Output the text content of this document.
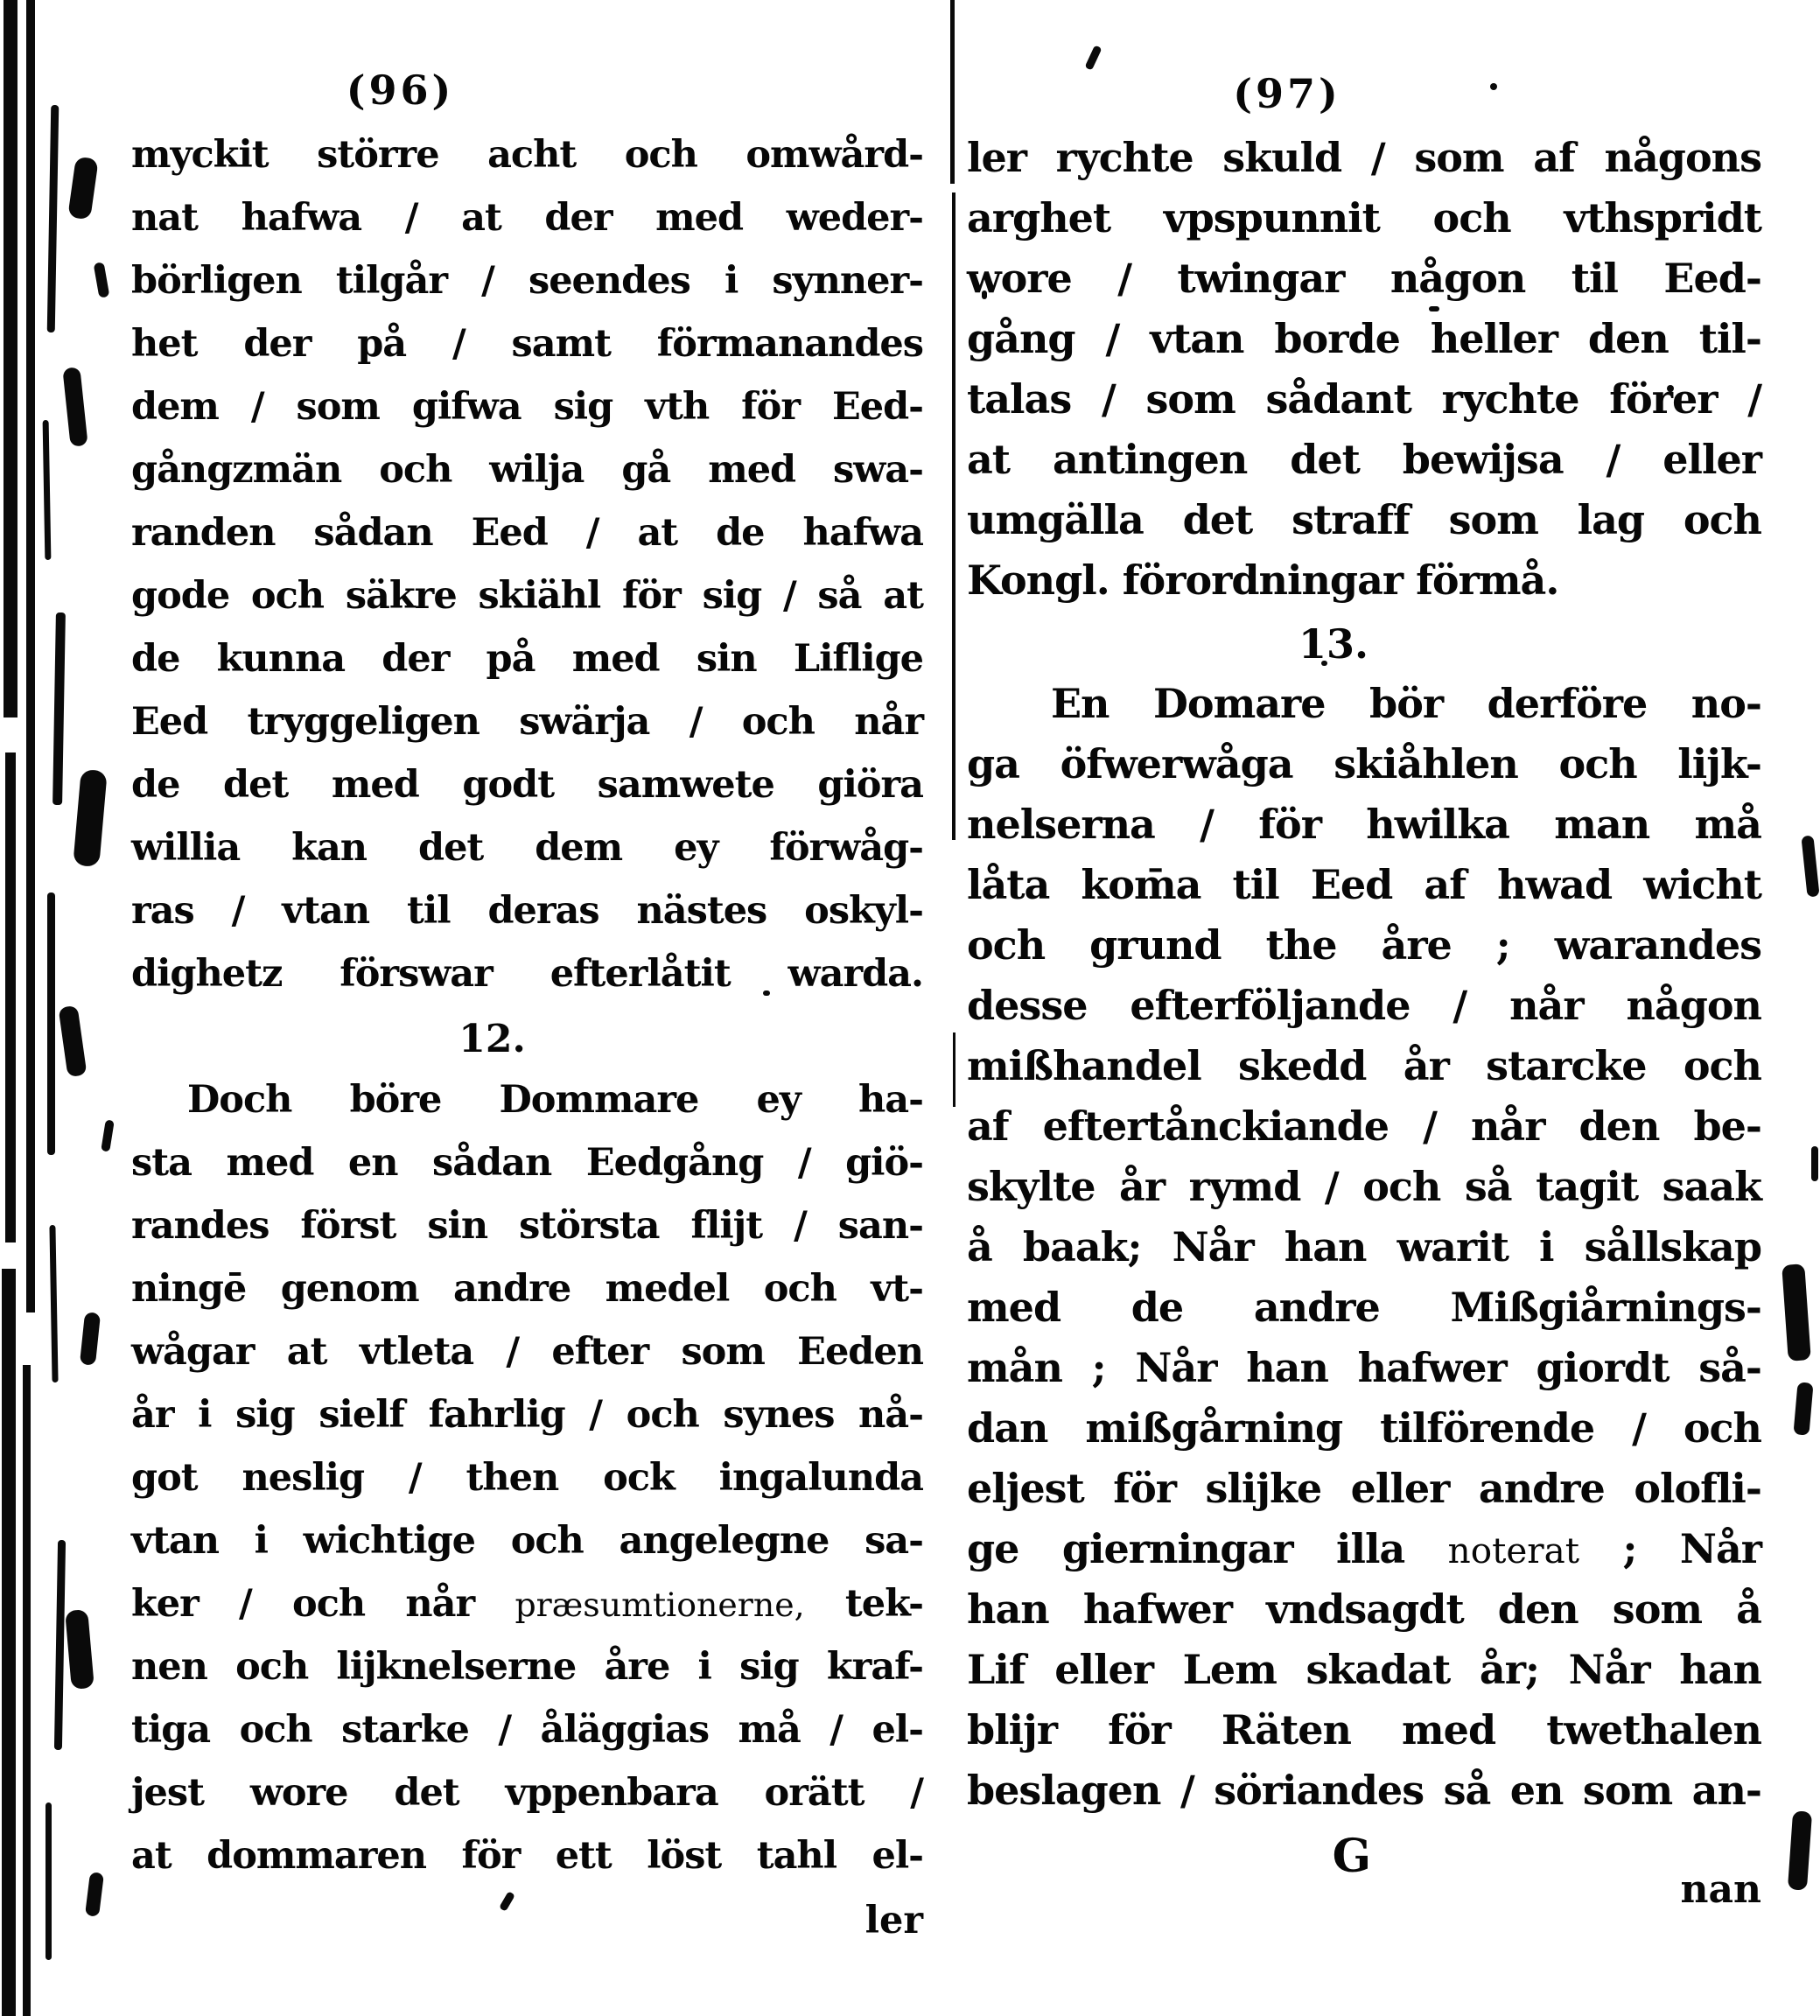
(96)
myckit större acht och omwård-
nat hafwa / at der med weder-
börligen tilgår / seendes i synner-
het der på / samt förmanandes
dem / som gifwa sig vth för Eed-
gångzmän och wilja gå med swa-
randen sådan Eed / at de hafwa
gode och säkre skiähl för sig / så at
de kunna der på med sin Liflige
Eed tryggeligen swärja / och når
de det med godt samwete giöra
willia kan det dem ey förwåg-
ras / vtan til deras nästes oskyl-
dighetz förswar efterlåtit warda.
12.
Doch böre Dommare ey ha-
sta med en sådan Eedgång / giö-
randes först sin största flijt / san-
ningē genom andre medel och vt-
wågar at vtleta / efter som Eeden
år i sig sielf fahrlig / och synes nå-
got neslig / then ock ingalunda
vtan i wichtige och angelegne sa-
ker / och når præsumtionerne, tek-
nen och lijknelserne åre i sig kraf-
tiga och starke / åläggias må / el-
jest wore det vppenbara orätt /
at dommaren för ett löst tahl el-
ler
(97)
ler rychte skuld / som af någons
arghet vpspunnit och vthspridt
wore / twingar någon til Eed-
gång / vtan borde heller den til-
talas / som sådant rychte förer /
at antingen det bewijsa / eller
umgälla det straff som lag och
Kongl. förordningar förmå.
13.
En Domare bör derföre no-
ga öfwerwåga skiåhlen och lijk-
nelserna / för hwilka man må
låta kom̄a til Eed af hwad wicht
och grund the åre ; warandes
desse efterföljande / når någon
mißhandel skedd år starcke och
af eftertånckiande / når den be-
skylte år rymd / och så tagit saak
å baak; Når han warit i sållskap
med de andre Mißgiårnings-
mån ; Når han hafwer giordt så-
dan mißgårning tilförende / och
eljest för slijke eller andre olofli-
ge gierningar illa noterat ; Når
han hafwer vndsagdt den som å
Lif eller Lem skadat år; Når han
blijr för Räten med twethalen
beslagen / söriandes så en som an-
G
nan
